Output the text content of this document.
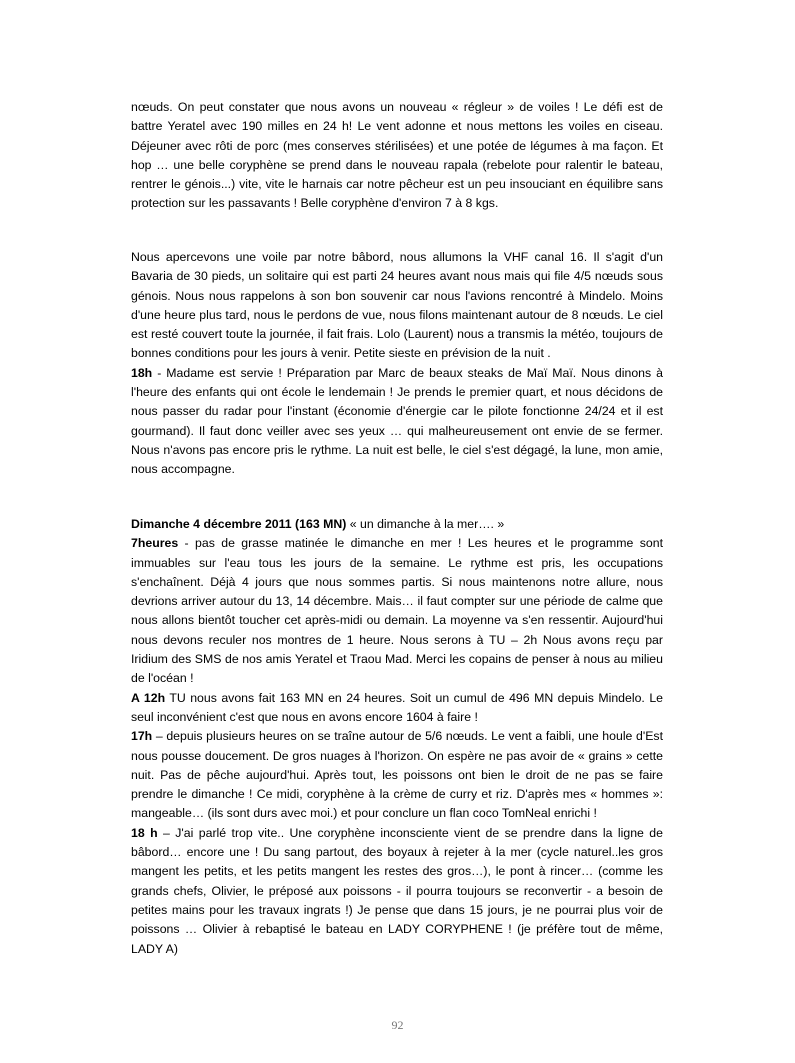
nœuds. On peut constater que nous avons un nouveau « régleur » de voiles ! Le défi est de battre Yeratel avec 190 milles en 24 h! Le vent adonne et nous mettons les voiles en ciseau. Déjeuner avec rôti de porc (mes conserves stérilisées) et une potée de légumes à ma façon. Et hop … une belle coryphène se prend dans le nouveau rapala (rebelote pour ralentir le bateau, rentrer le génois...) vite, vite le harnais car notre pêcheur est un peu insouciant en équilibre sans protection sur les passavants ! Belle coryphène d'environ 7 à 8 kgs.

Nous apercevons une voile par notre bâbord, nous allumons la VHF canal 16. Il s'agit d'un Bavaria de 30 pieds, un solitaire qui est parti 24 heures avant nous mais qui file 4/5 nœuds sous génois. Nous nous rappelons à son bon souvenir car nous l'avions rencontré à Mindelo. Moins d'une heure plus tard, nous le perdons de vue, nous filons maintenant autour de 8 nœuds. Le ciel est resté couvert toute la journée, il fait frais. Lolo (Laurent) nous a transmis la météo, toujours de bonnes conditions pour les jours à venir. Petite sieste en prévision de la nuit .

18h - Madame est servie ! Préparation par Marc de beaux steaks de Maï Maï. Nous dinons à l'heure des enfants qui ont école le lendemain ! Je prends le premier quart, et nous décidons de nous passer du radar pour l'instant (économie d'énergie car le pilote fonctionne 24/24 et il est gourmand). Il faut donc veiller avec ses yeux … qui malheureusement ont envie de se fermer. Nous n'avons pas encore pris le rythme. La nuit est belle, le ciel s'est dégagé, la lune, mon amie, nous accompagne.

Dimanche 4 décembre 2011 (163 MN) « un dimanche à la mer…. »

7heures - pas de grasse matinée le dimanche en mer ! Les heures et le programme sont immuables sur l'eau tous les jours de la semaine. Le rythme est pris, les occupations s'enchaînent. Déjà 4 jours que nous sommes partis. Si nous maintenons notre allure, nous devrions arriver autour du 13, 14 décembre. Mais… il faut compter sur une période de calme que nous allons bientôt toucher cet après-midi ou demain. La moyenne va s'en ressentir. Aujourd'hui nous devons reculer nos montres de 1 heure. Nous serons à TU – 2h Nous avons reçu par Iridium des SMS de nos amis Yeratel et Traou Mad. Merci les copains de penser à nous au milieu de l'océan !

A 12h TU nous avons fait 163 MN en 24 heures. Soit un cumul de 496 MN depuis Mindelo. Le seul inconvénient c'est que nous en avons encore 1604 à faire !

17h – depuis plusieurs heures on se traîne autour de 5/6 nœuds. Le vent a faibli, une houle d'Est nous pousse doucement. De gros nuages à l'horizon. On espère ne pas avoir de « grains » cette nuit. Pas de pêche aujourd'hui. Après tout, les poissons ont bien le droit de ne pas se faire prendre le dimanche ! Ce midi, coryphène à la crème de curry et riz. D'après mes « hommes »: mangeable… (ils sont durs avec moi.) et pour conclure un flan coco TomNeal enrichi !

18 h – J'ai parlé trop vite.. Une coryphène inconsciente vient de se prendre dans la ligne de bâbord… encore une ! Du sang partout, des boyaux à rejeter à la mer (cycle naturel..les gros mangent les petits, et les petits mangent les restes des gros…), le pont à rincer… (comme les grands chefs, Olivier, le préposé aux poissons - il pourra toujours se reconvertir - a besoin de petites mains pour les travaux ingrats !) Je pense que dans 15 jours, je ne pourrai plus voir de poissons … Olivier à rebaptisé le bateau en LADY CORYPHENE ! (je préfère tout de même, LADY A)

92
